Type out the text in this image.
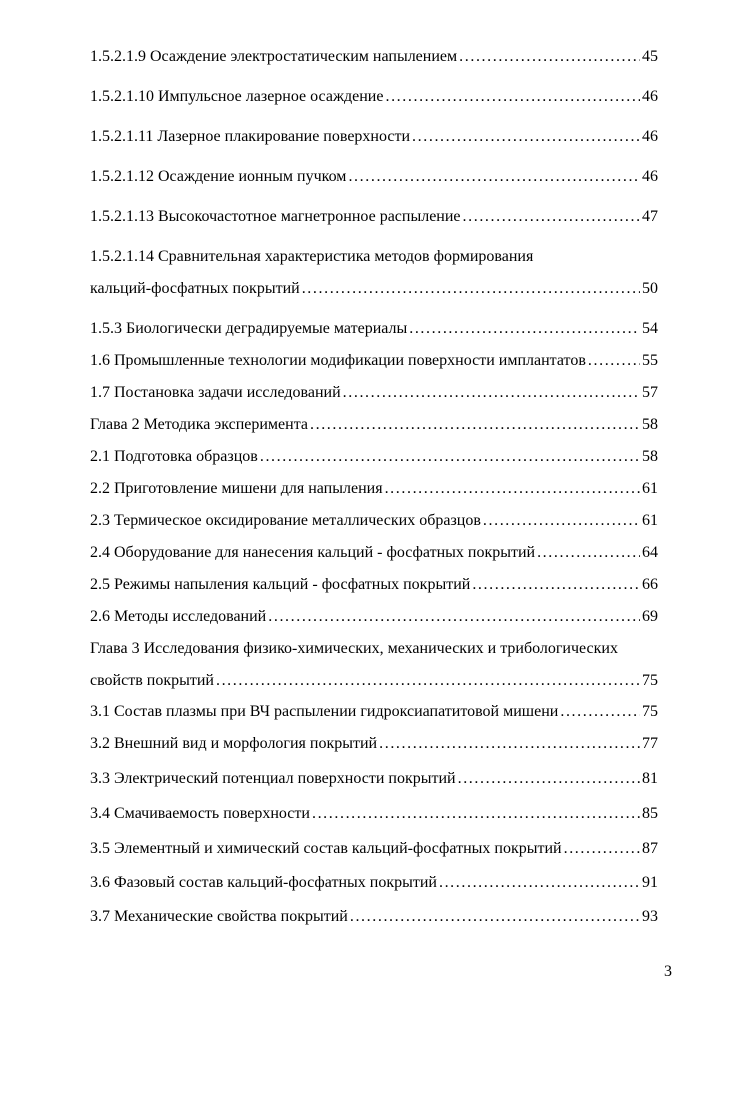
1.5.2.1.9 Осаждение электростатическим напылением . . .	45
1.5.2.1.10 Импульсное лазерное осаждение . . .	46
1.5.2.1.11 Лазерное плакирование поверхности . . .	46
1.5.2.1.12 Осаждение ионным пучком . . .	46
1.5.2.1.13 Высокочастотное магнетронное распыление . . .	47
1.5.2.1.14 Сравнительная характеристика методов формирования
кальций-фосфатных покрытий . . .	50
1.5.3 Биологически деградируемые материалы . . .	54
1.6 Промышленные технологии модификации поверхности имплантатов . . .	55
1.7 Постановка задачи исследований . . .	57
Глава 2 Методика эксперимента . . .	58
2.1 Подготовка образцов . . .	58
2.2 Приготовление мишени для напыления . . .	61
2.3 Термическое оксидирование металлических образцов . . .	61
2.4 Оборудование для нанесения кальций - фосфатных покрытий . . .	64
2.5 Режимы напыления кальций - фосфатных покрытий . . .	66
2.6 Методы исследований . . .	69
Глава 3 Исследования физико-химических, механических и трибологических
свойств покрытий . . .	75
3.1 Состав плазмы при ВЧ распылении гидроксиапатитовой мишени . . .	75
3.2 Внешний вид и морфология покрытий . . .	77
3.3 Электрический потенциал поверхности покрытий . . .	81
3.4 Смачиваемость поверхности . . .	85
3.5 Элементный и химический состав кальций-фосфатных покрытий . . .	87
3.6 Фазовый состав кальций-фосфатных покрытий . . .	91
3.7 Механические свойства покрытий . . .	93
3
